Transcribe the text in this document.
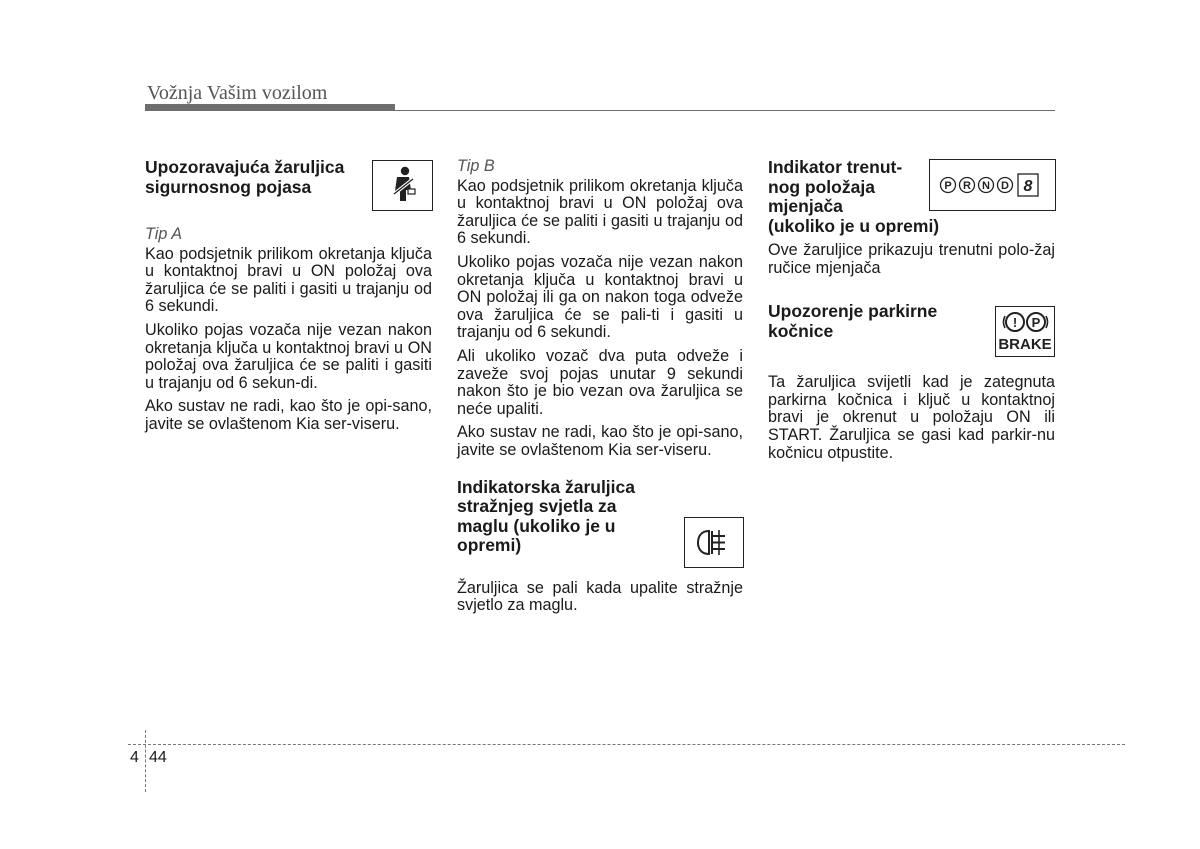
Vožnja Vašim vozilom
Upozoravajuća žaruljica
sigurnosnog pojasa
Tip A

Kao podsjetnik prilikom okretanja ključa u kontaktnoj bravi u ON položaj ova žaruljica će se paliti i gasiti u trajanju od 6 sekundi.

Ukoliko pojas vozača nije vezan nakon okretanja ključa u kontaktnoj bravi u ON položaj ova žaruljica će se paliti i gasiti u trajanju od 6 sekun-di.

Ako sustav ne radi, kao što je opi-sano, javite se ovlaštenom Kia ser-viseru.

Tip B

Kao podsjetnik prilikom okretanja ključa u kontaktnoj bravi u ON položaj ova žaruljica će se paliti i gasiti u trajanju od 6 sekundi.

Ukoliko pojas vozača nije vezan nakon okretanja ključa u kontaktnoj bravi u ON položaj ili ga on nakon toga odveže ova žaruljica će se pali-ti i gasiti u trajanju od 6 sekundi.

Ali ukoliko vozač dva puta odveže i zaveže svoj pojas unutar 9 sekundi nakon što je bio vezan ova žaruljica se neće upaliti.

Ako sustav ne radi, kao što je opi-sano, javite se ovlaštenom Kia ser-viseru.

Indikatorska žaruljica
stražnjeg svjetla za
maglu (ukoliko je u
opremi)

Žaruljica se pali kada upalite stražnje svjetlo za maglu.

Indikator trenut-
nog položaja
mjenjača
(ukoliko je u opremi)

Ove žaruljice prikazuju trenutni polo-žaj ručice mjenjača

Upozorenje parkirne
kočnice

Ta žaruljica svijetli kad je zategnuta parkirna kočnica i ključ u kontaktnoj bravi je okrenut u položaju ON ili START. Žaruljica se gasi kad parkir-nu kočnicu otpustite.

P R N D 8
! P
BRAKE
4 44
